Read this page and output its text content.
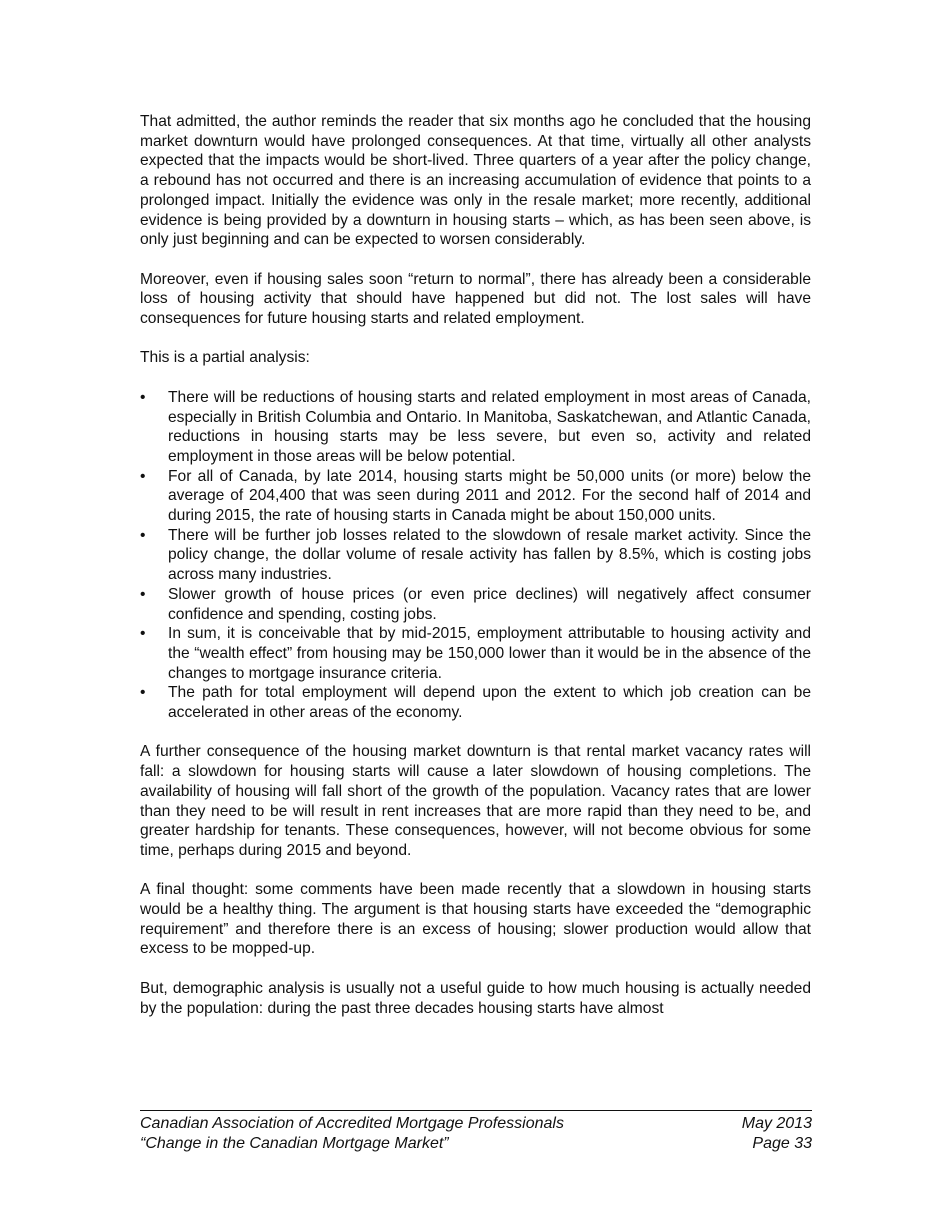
That admitted, the author reminds the reader that six months ago he concluded that the housing market downturn would have prolonged consequences. At that time, virtually all other analysts expected that the impacts would be short-lived. Three quarters of a year after the policy change, a rebound has not occurred and there is an increasing accumulation of evidence that points to a prolonged impact. Initially the evidence was only in the resale market; more recently, additional evidence is being provided by a downturn in housing starts – which, as has been seen above, is only just beginning and can be expected to worsen considerably.

Moreover, even if housing sales soon “return to normal”, there has already been a considerable loss of housing activity that should have happened but did not. The lost sales will have consequences for future housing starts and related employment.

This is a partial analysis:

•	There will be reductions of housing starts and related employment in most areas of Canada, especially in British Columbia and Ontario. In Manitoba, Saskatchewan, and Atlantic Canada, reductions in housing starts may be less severe, but even so, activity and related employment in those areas will be below potential.
•	For all of Canada, by late 2014, housing starts might be 50,000 units (or more) below the average of 204,400 that was seen during 2011 and 2012. For the second half of 2014 and during 2015, the rate of housing starts in Canada might be about 150,000 units.
•	There will be further job losses related to the slowdown of resale market activity. Since the policy change, the dollar volume of resale activity has fallen by 8.5%, which is costing jobs across many industries.
•	Slower growth of house prices (or even price declines) will negatively affect consumer confidence and spending, costing jobs.
•	In sum, it is conceivable that by mid-2015, employment attributable to housing activity and the “wealth effect” from housing may be 150,000 lower than it would be in the absence of the changes to mortgage insurance criteria.
•	The path for total employment will depend upon the extent to which job creation can be accelerated in other areas of the economy.

A further consequence of the housing market downturn is that rental market vacancy rates will fall: a slowdown for housing starts will cause a later slowdown of housing completions. The availability of housing will fall short of the growth of the population. Vacancy rates that are lower than they need to be will result in rent increases that are more rapid than they need to be, and greater hardship for tenants. These consequences, however, will not become obvious for some time, perhaps during 2015 and beyond.

A final thought: some comments have been made recently that a slowdown in housing starts would be a healthy thing. The argument is that housing starts have exceeded the “demographic requirement” and therefore there is an excess of housing; slower production would allow that excess to be mopped-up.

But, demographic analysis is usually not a useful guide to how much housing is actually needed by the population: during the past three decades housing starts have almost

Canadian Association of Accredited Mortgage Professionals	May 2013
“Change in the Canadian Mortgage Market”	Page 33
